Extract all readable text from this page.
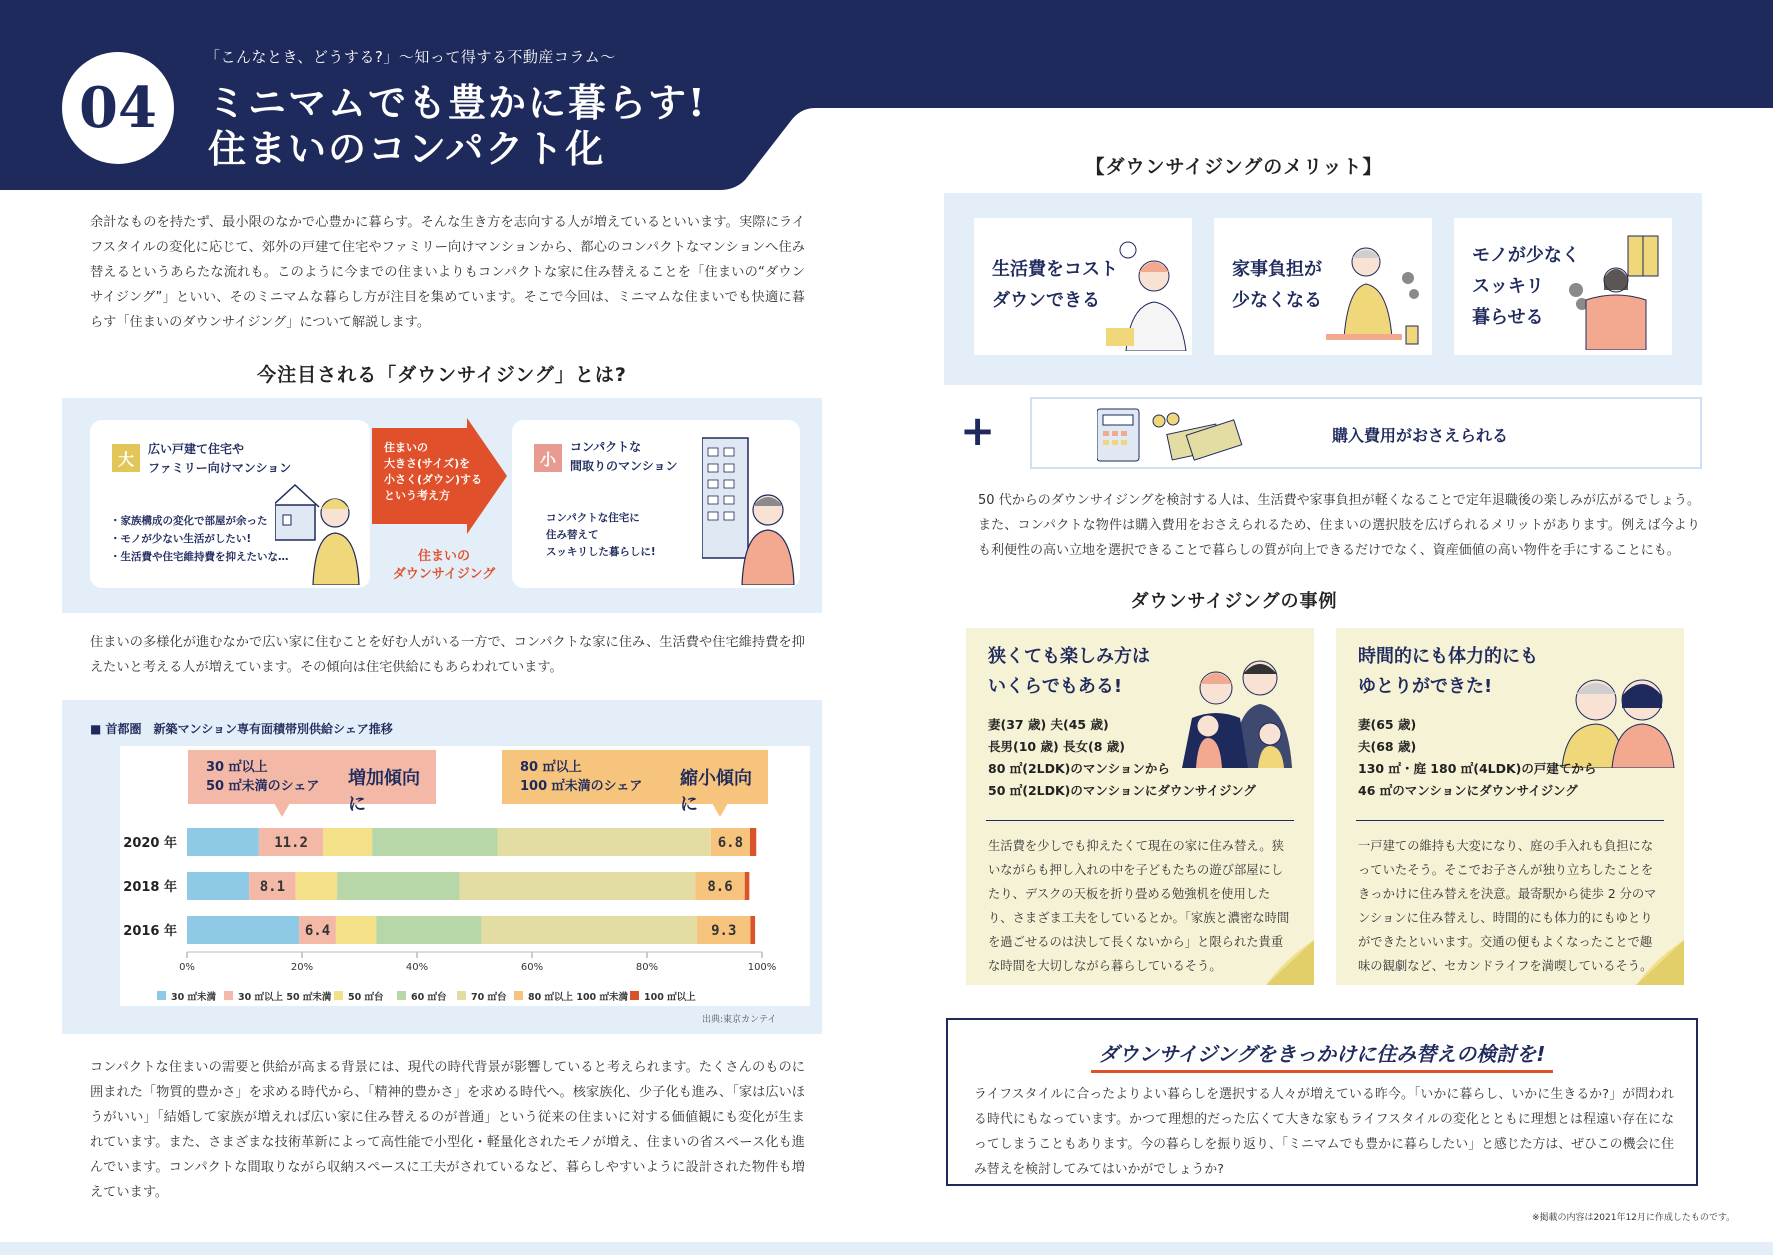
04
「こんなとき、どうする?」〜知って得する不動産コラム〜
ミニマムでも豊かに暮らす!
住まいのコンパクト化
余計なものを持たず、最小限のなかで心豊かに暮らす。そんな生き方を志向する人が増えているといいます。実際にライフスタイルの変化に応じて、郊外の戸建て住宅やファミリー向けマンションから、都心のコンパクトなマンションへ住み替えるというあらたな流れも。このように今までの住まいよりもコンパクトな家に住み替えることを「住まいの“ダウンサイジング”」といい、そのミニマムな暮らし方が注目を集めています。そこで今回は、ミニマムな住まいでも快適に暮らす「住まいのダウンサイジング」について解説します。
今注目される「ダウンサイジング」とは?
大
広い戸建て住宅や
ファミリー向けマンション
・家族構成の変化で部屋が余った
・モノが少ない生活がしたい!
・生活費や住宅維持費を抑えたいな…
住まいの
大きさ(サイズ)を
小さく(ダウン)する
という考え方
住まいの
ダウンサイジング
小
コンパクトな
間取りのマンション
コンパクトな住宅に
住み替えて
スッキリした暮らしに!
住まいの多様化が進むなかで広い家に住むことを好む人がいる一方で、コンパクトな家に住み、生活費や住宅維持費を抑えたいと考える人が増えています。その傾向は住宅供給にもあらわれています。
■ 首都圏　新築マンション専有面積帯別供給シェア推移
30 ㎡以上
50 ㎡未満のシェア 増加傾向に
80 ㎡以上
100 ㎡未満のシェア 縮小傾向に
2020 年	11.2	6.8
2018 年	8.1	8.6
2016 年	6.4	9.3
0%	20%	40%	60%	80%	100%
30 ㎡未満 30 ㎡以上 50 ㎡未満 50 ㎡台	60 ㎡台	70 ㎡台 80 ㎡以上 100 ㎡未満 100 ㎡以上
出典:東京カンテイ
コンパクトな住まいの需要と供給が高まる背景には、現代の時代背景が影響していると考えられます。たくさんのものに囲まれた「物質的豊かさ」を求める時代から、「精神的豊かさ」を求める時代へ。核家族化、少子化も進み、「家は広いほうがいい」「結婚して家族が増えれば広い家に住み替えるのが普通」という従来の住まいに対する価値観にも変化が生まれています。また、さまざまな技術革新によって高性能で小型化・軽量化されたモノが増え、住まいの省スペース化も進んでいます。コンパクトな間取りながら収納スペースに工夫がされているなど、暮らしやすいように設計された物件も増えています。
【ダウンサイジングのメリット】
生活費をコスト
ダウンできる
家事負担が
少なくなる
モノが少なく
スッキリ
暮らせる
+	購入費用がおさえられる
50 代からのダウンサイジングを検討する人は、生活費や家事負担が軽くなることで定年退職後の楽しみが広がるでしょう。また、コンパクトな物件は購入費用をおさえられるため、住まいの選択肢を広げられるメリットがあります。例えば今よりも利便性の高い立地を選択できることで暮らしの質が向上できるだけでなく、資産価値の高い物件を手にすることにも。
ダウンサイジングの事例
狭くても楽しみ方は
いくらでもある!
妻(37 歳) 夫(45 歳)
長男(10 歳) 長女(8 歳)
80 ㎡(2LDK)のマンションから
50 ㎡(2LDK)のマンションにダウンサイジング
生活費を少しでも抑えたくて現在の家に住み替え。狭いながらも押し入れの中を子どもたちの遊び部屋にしたり、デスクの天板を折り畳める勉強机を使用したり、さまざま工夫をしているとか。「家族と濃密な時間を過ごせるのは決して長くないから」と限られた貴重な時間を大切しながら暮らしているそう。
時間的にも体力的にも
ゆとりができた!
妻(65 歳)
夫(68 歳)
130 ㎡・庭 180 ㎡(4LDK)の戸建てから
46 ㎡のマンションにダウンサイジング
一戸建ての維持も大変になり、庭の手入れも負担になっていたそう。そこでお子さんが独り立ちしたことをきっかけに住み替えを決意。最寄駅から徒歩 2 分のマンションに住み替えし、時間的にも体力的にもゆとりができたといいます。交通の便もよくなったことで趣味の観劇など、セカンドライフを満喫しているそう。
ダウンサイジングをきっかけに住み替えの検討を!
ライフスタイルに合ったよりよい暮らしを選択する人々が増えている昨今。「いかに暮らし、いかに生きるか?」が問われる時代にもなっています。かつて理想的だった広くて大きな家もライフスタイルの変化とともに理想とは程遠い存在になってしまうこともあります。今の暮らしを振り返り、「ミニマムでも豊かに暮らしたい」と感じた方は、ぜひこの機会に住み替えを検討してみてはいかがでしょうか?
※掲載の内容は2021年12月に作成したものです。
